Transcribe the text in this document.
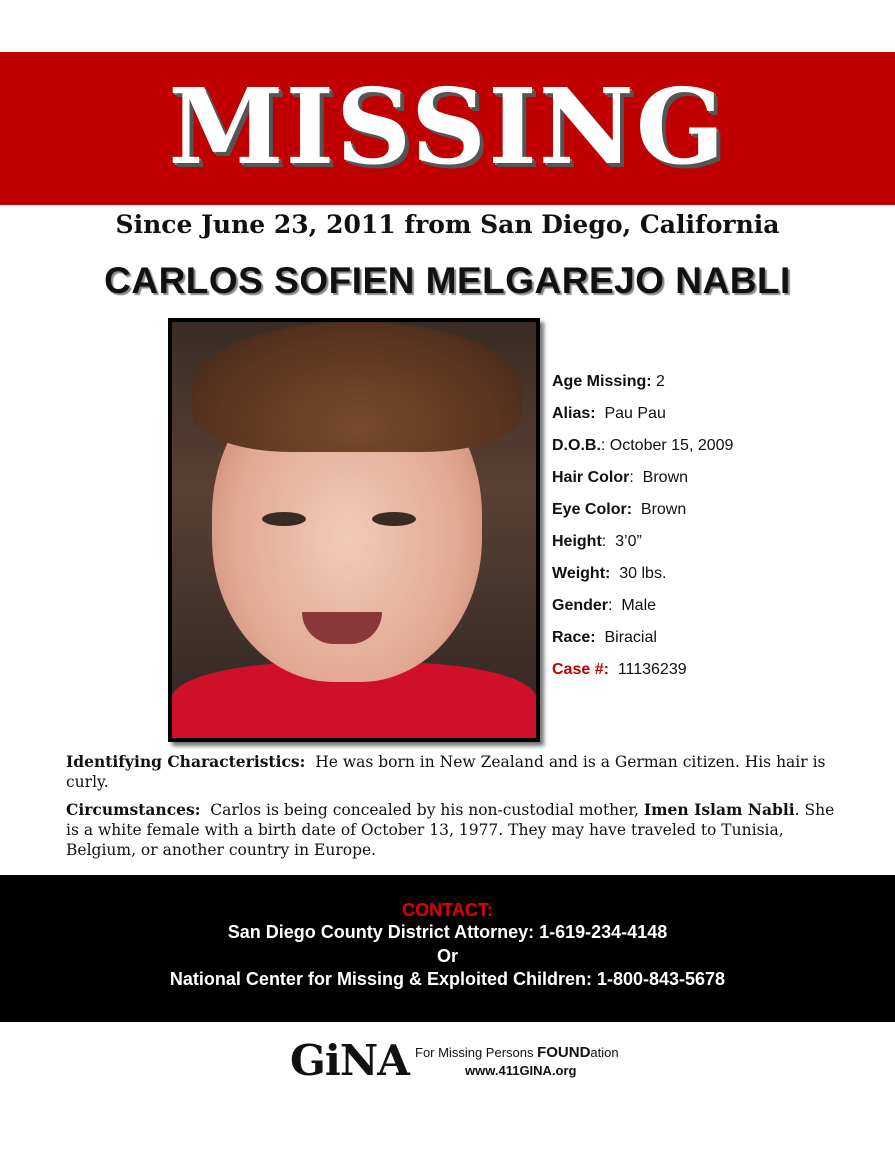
MISSING
Since June 23, 2011 from San Diego, California
CARLOS SOFIEN MELGAREJO NABLI
Age Missing: 2
Alias:  Pau Pau
D.O.B.: October 15, 2009
Hair Color:  Brown
Eye Color:  Brown
Height:  3’0”
Weight:  30 lbs.
Gender:  Male
Race:  Biracial
Case #:  11136239
Identifying Characteristics:  He was born in New Zealand and is a German citizen. His hair is curly.
Circumstances:  Carlos is being concealed by his non-custodial mother, Imen Islam Nabli. She is a white female with a birth date of October 13, 1977. They may have traveled to Tunisia, Belgium, or another country in Europe.
CONTACT:
San Diego County District Attorney: 1-619-234-4148
Or
National Center for Missing & Exploited Children: 1-800-843-5678
GiNA For Missing Persons FOUNDation
www.411GINA.org
